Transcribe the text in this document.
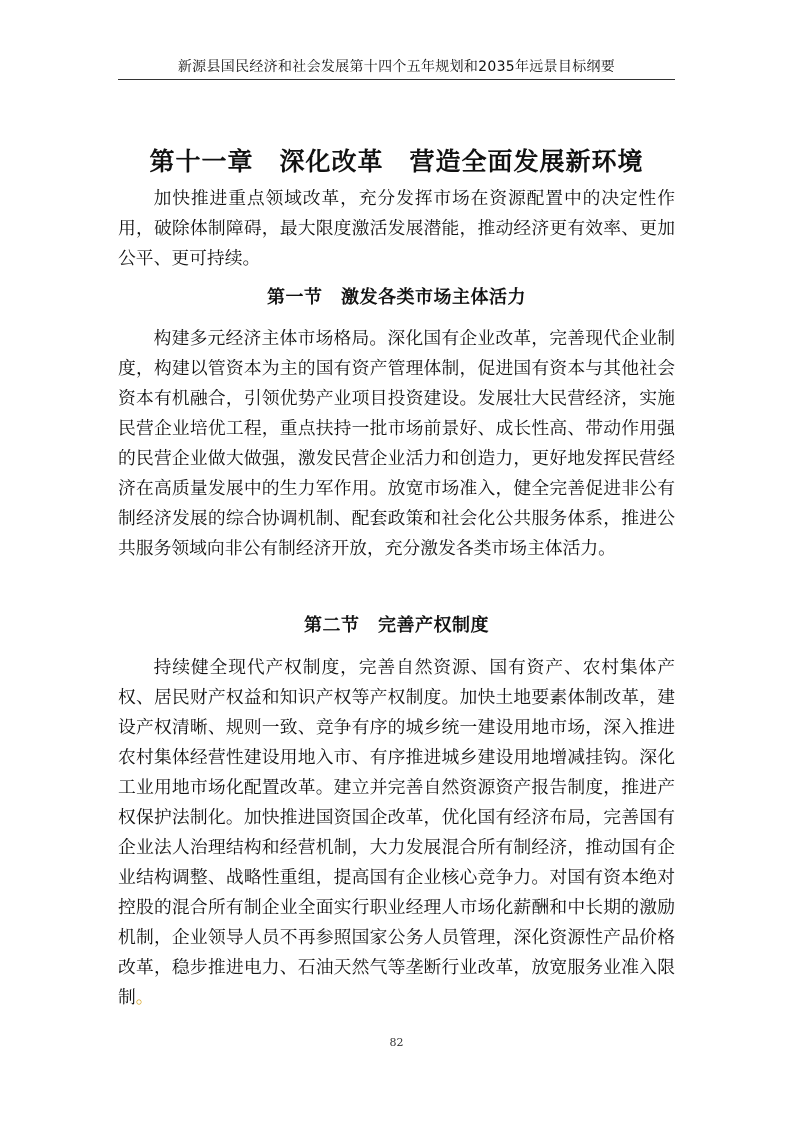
新源县国民经济和社会发展第十四个五年规划和2035年远景目标纲要
第十一章　深化改革　营造全面发展新环境

加快推进重点领域改革，充分发挥市场在资源配置中的决定性作用，破除体制障碍，最大限度激活发展潜能，推动经济更有效率、更加公平、更可持续。

第一节　激发各类市场主体活力

构建多元经济主体市场格局。深化国有企业改革，完善现代企业制度，构建以管资本为主的国有资产管理体制，促进国有资本与其他社会资本有机融合，引领优势产业项目投资建设。发展壮大民营经济，实施民营企业培优工程，重点扶持一批市场前景好、成长性高、带动作用强的民营企业做大做强，激发民营企业活力和创造力，更好地发挥民营经济在高质量发展中的生力军作用。放宽市场准入，健全完善促进非公有制经济发展的综合协调机制、配套政策和社会化公共服务体系，推进公共服务领域向非公有制经济开放，充分激发各类市场主体活力。

第二节　完善产权制度

持续健全现代产权制度，完善自然资源、国有资产、农村集体产权、居民财产权益和知识产权等产权制度。加快土地要素体制改革，建设产权清晰、规则一致、竞争有序的城乡统一建设用地市场，深入推进农村集体经营性建设用地入市、有序推进城乡建设用地增减挂钩。深化工业用地市场化配置改革。建立并完善自然资源资产报告制度，推进产权保护法制化。加快推进国资国企改革，优化国有经济布局，完善国有企业法人治理结构和经营机制，大力发展混合所有制经济，推动国有企业结构调整、战略性重组，提高国有企业核心竞争力。对国有资本绝对控股的混合所有制企业全面实行职业经理人市场化薪酬和中长期的激励机制，企业领导人员不再参照国家公务人员管理，深化资源性产品价格改革，稳步推进电力、石油天然气等垄断行业改革，放宽服务业准入限制。

82
